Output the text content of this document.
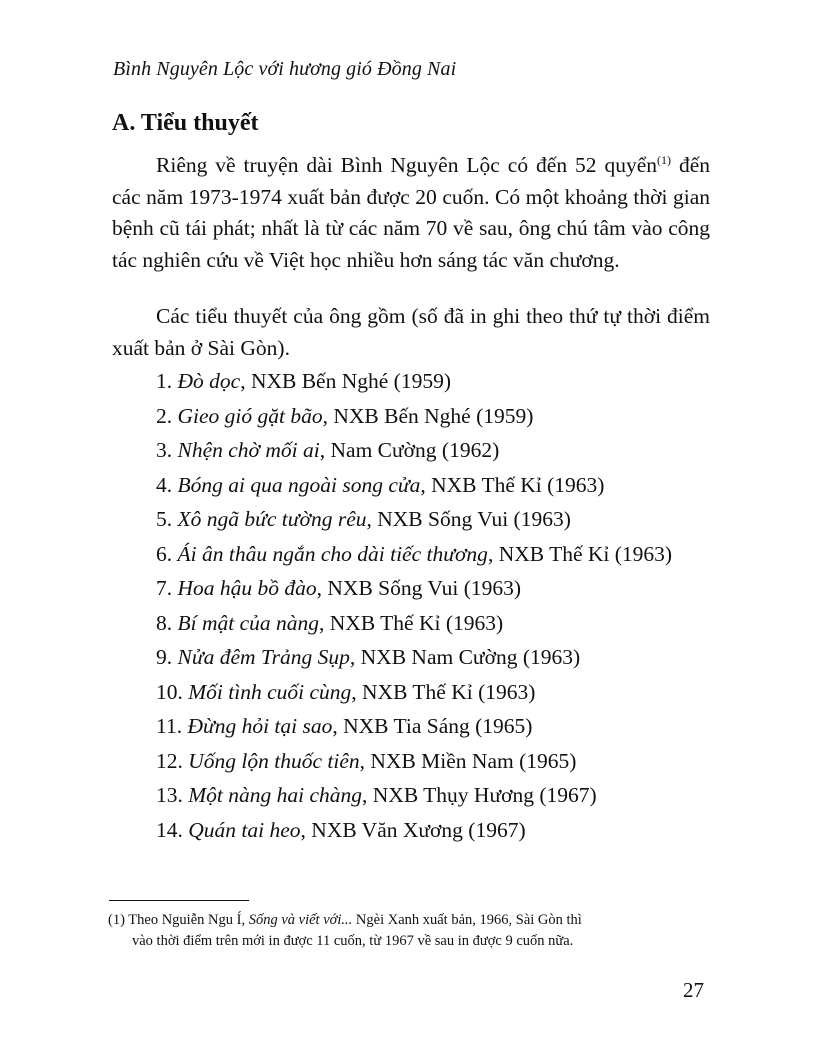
Bình Nguyên Lộc với hương gió Đồng Nai
A. Tiểu thuyết

Riêng về truyện dài Bình Nguyên Lộc có đến 52 quyển$^{(1)}$ đến các năm 1973-1974 xuất bản được 20 cuốn. Có một khoảng thời gian bệnh cũ tái phát; nhất là từ các năm 70 về sau, ông chú tâm vào công tác nghiên cứu về Việt học nhiều hơn sáng tác văn chương.

Các tiểu thuyết của ông gồm (số đã in ghi theo thứ tự thời điểm xuất bản ở Sài Gòn).

1. Đò dọc, NXB Bến Nghé (1959)
2. Gieo gió gặt bão, NXB Bến Nghé (1959)
3. Nhện chờ mối ai, Nam Cường (1962)
4. Bóng ai qua ngoài song cửa, NXB Thế Kỉ (1963)
5. Xô ngã bức tường rêu, NXB Sống Vui (1963)
6. Ái ân thâu ngắn cho dài tiếc thương, NXB Thế Kỉ (1963)
7. Hoa hậu bồ đào, NXB Sống Vui (1963)
8. Bí mật của nàng, NXB Thế Kỉ (1963)
9. Nửa đêm Trảng Sụp, NXB Nam Cường (1963)
10. Mối tình cuối cùng, NXB Thế Kỉ (1963)
11. Đừng hỏi tại sao, NXB Tia Sáng (1965)
12. Uống lộn thuốc tiên, NXB Miền Nam (1965)
13. Một nàng hai chàng, NXB Thụy Hương (1967)
14. Quán tai heo, NXB Văn Xương (1967)

(1) Theo Nguiễn Ngu Í, Sống và viết với... Ngèi Xanh xuất bản, 1966, Sài Gòn thì
vào thời điểm trên mới in được 11 cuốn, từ 1967 về sau in được 9 cuốn nữa.

27
